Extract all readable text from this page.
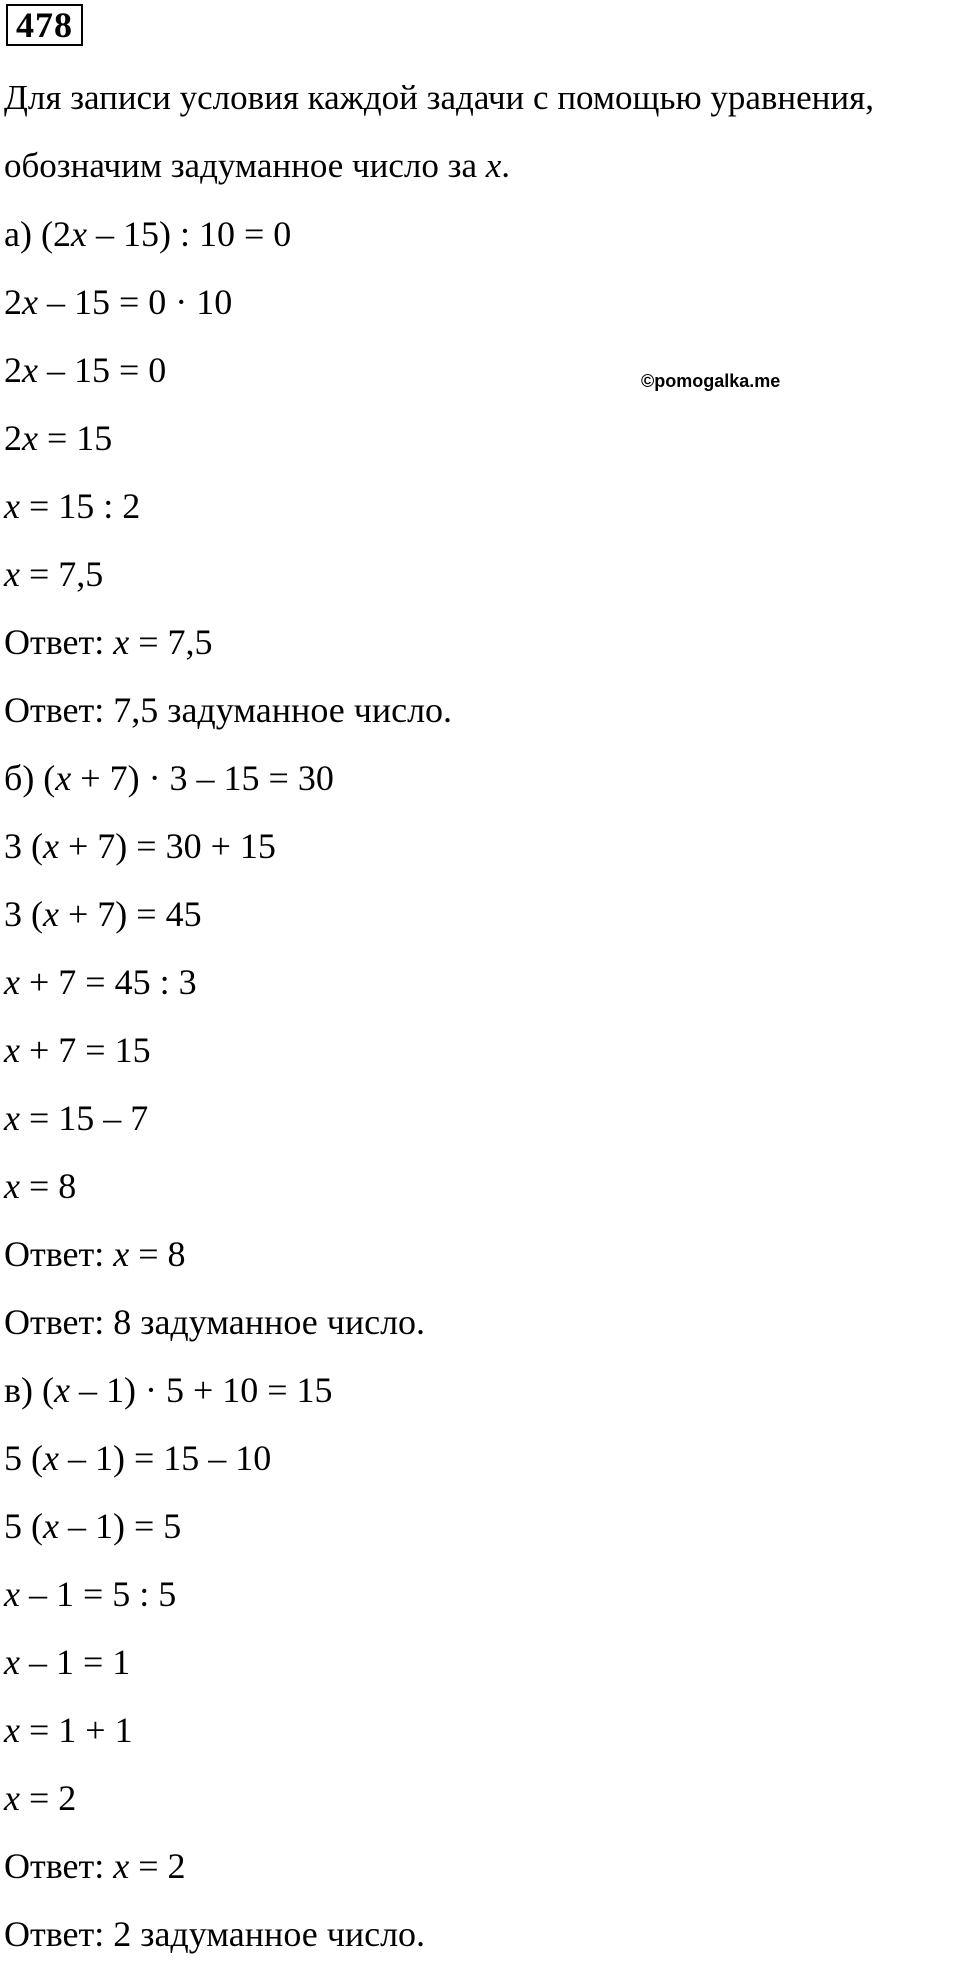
478
©pomogalka.me
Для записи условия каждой задачи с помощью уравнения,
обозначим задуманное число за x.
а) (2x – 15) : 10 = 0
2x – 15 = 0 · 10
2x – 15 = 0
2x = 15
x = 15 : 2
x = 7,5
Ответ: x = 7,5
Ответ: 7,5 задуманное число.
б) (x + 7) · 3 – 15 = 30
3 (x + 7) = 30 + 15
3 (x + 7) = 45
x + 7 = 45 : 3
x + 7 = 15
x = 15 – 7
x = 8
Ответ: x = 8
Ответ: 8 задуманное число.
в) (x – 1) · 5 + 10 = 15
5 (x – 1) = 15 – 10
5 (x – 1) = 5
x – 1 = 5 : 5
x – 1 = 1
x = 1 + 1
x = 2
Ответ: x = 2
Ответ: 2 задуманное число.
